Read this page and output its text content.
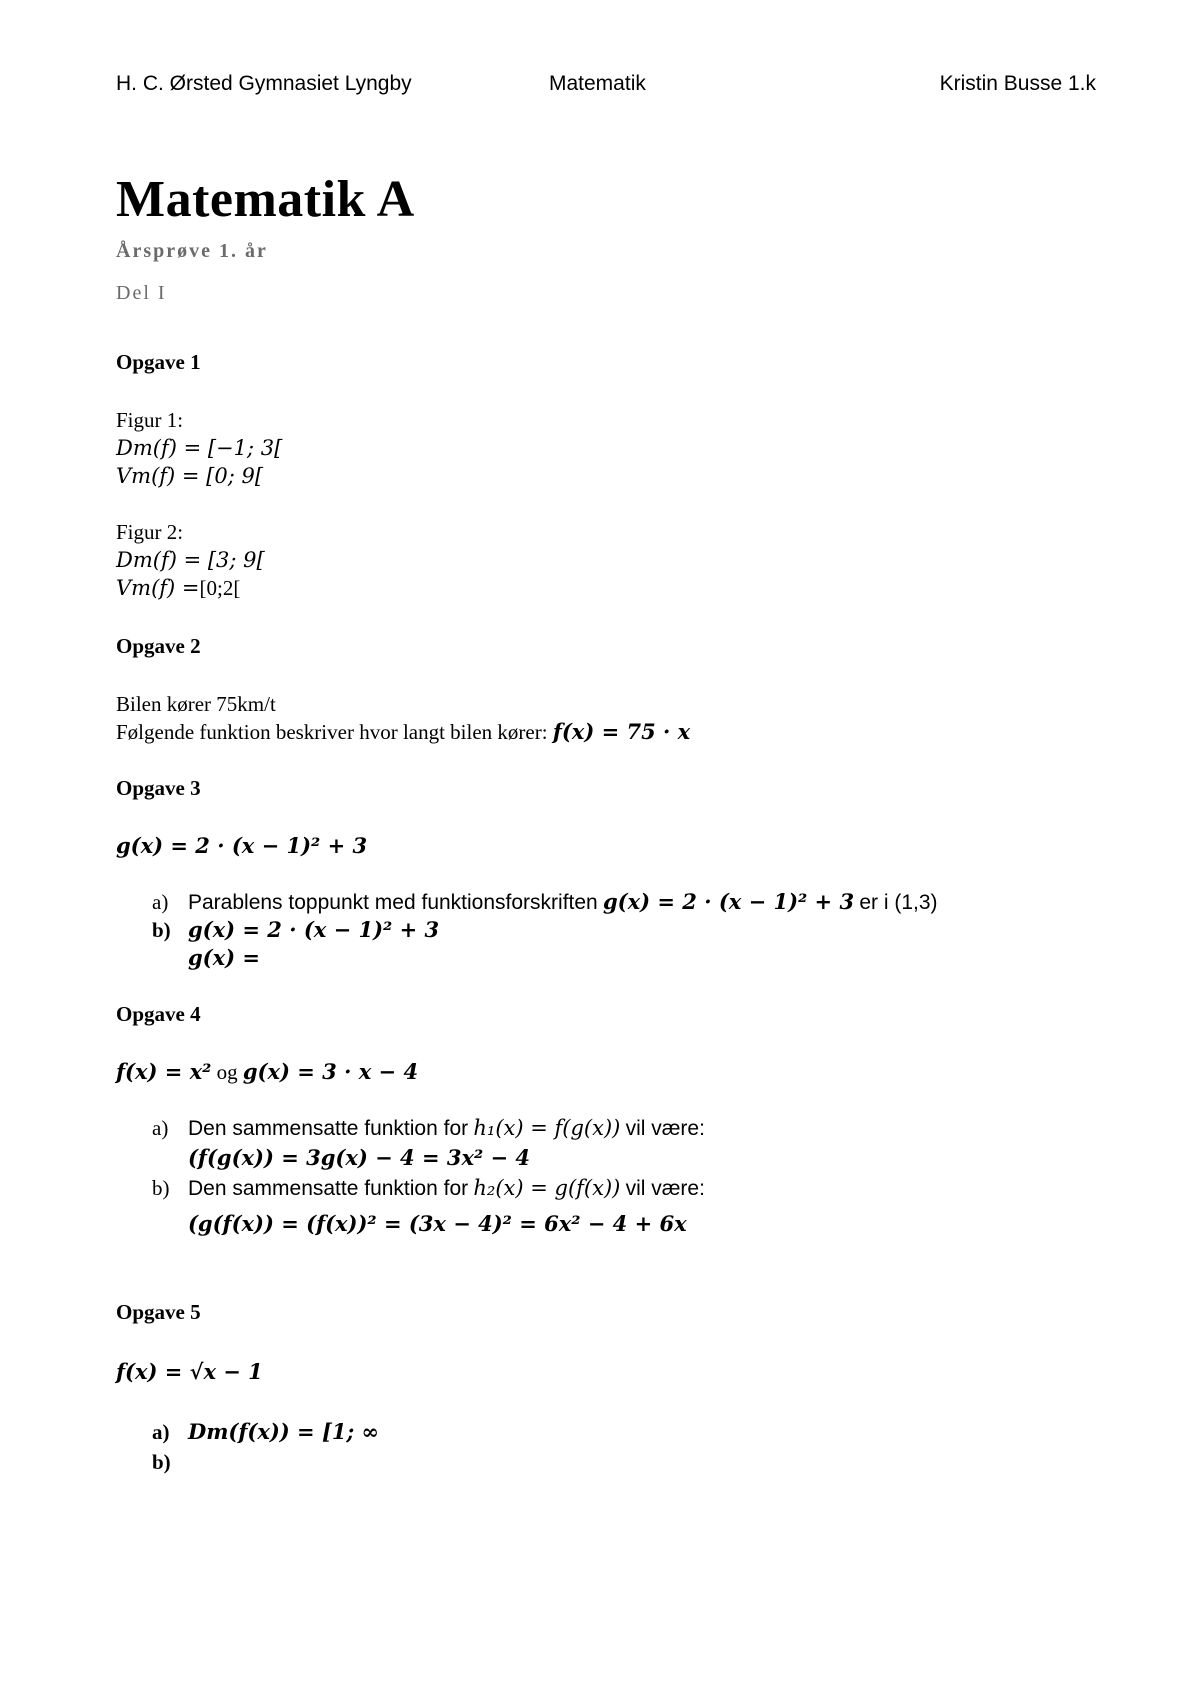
H. C. Ørsted Gymnasiet Lyngby	Matematik	Kristin Busse 1.k
Matematik A
Årsprøve 1. år
Del I
Opgave 1
Figur 1:
Dm(f) = [−1; 3[
Vm(f) = [0; 9[
Figur 2:
Dm(f) = [3; 9[
Vm(f) =[0;2[
Opgave 2
Bilen kører 75km/t
Følgende funktion beskriver hvor langt bilen kører: f(x) = 75 · x
Opgave 3
g(x) = 2 · (x − 1)² + 3
a) Parablens toppunkt med funktionsforskriften g(x) = 2 · (x − 1)² + 3 er i (1,3)
b) g(x) = 2 · (x − 1)² + 3
g(x) =
Opgave 4
f(x) = x² og g(x) = 3 · x − 4
a) Den sammensatte funktion for h₁(x) = f(g(x)) vil være:
(f(g(x)) = 3g(x) − 4 = 3x² − 4
b) Den sammensatte funktion for h₂(x) = g(f(x)) vil være:
(g(f(x)) = (f(x))² = (3x − 4)² = 6x² − 4 + 6x
Opgave 5
f(x) = √x − 1
a) Dm(f(x)) = [1; ∞
b)
